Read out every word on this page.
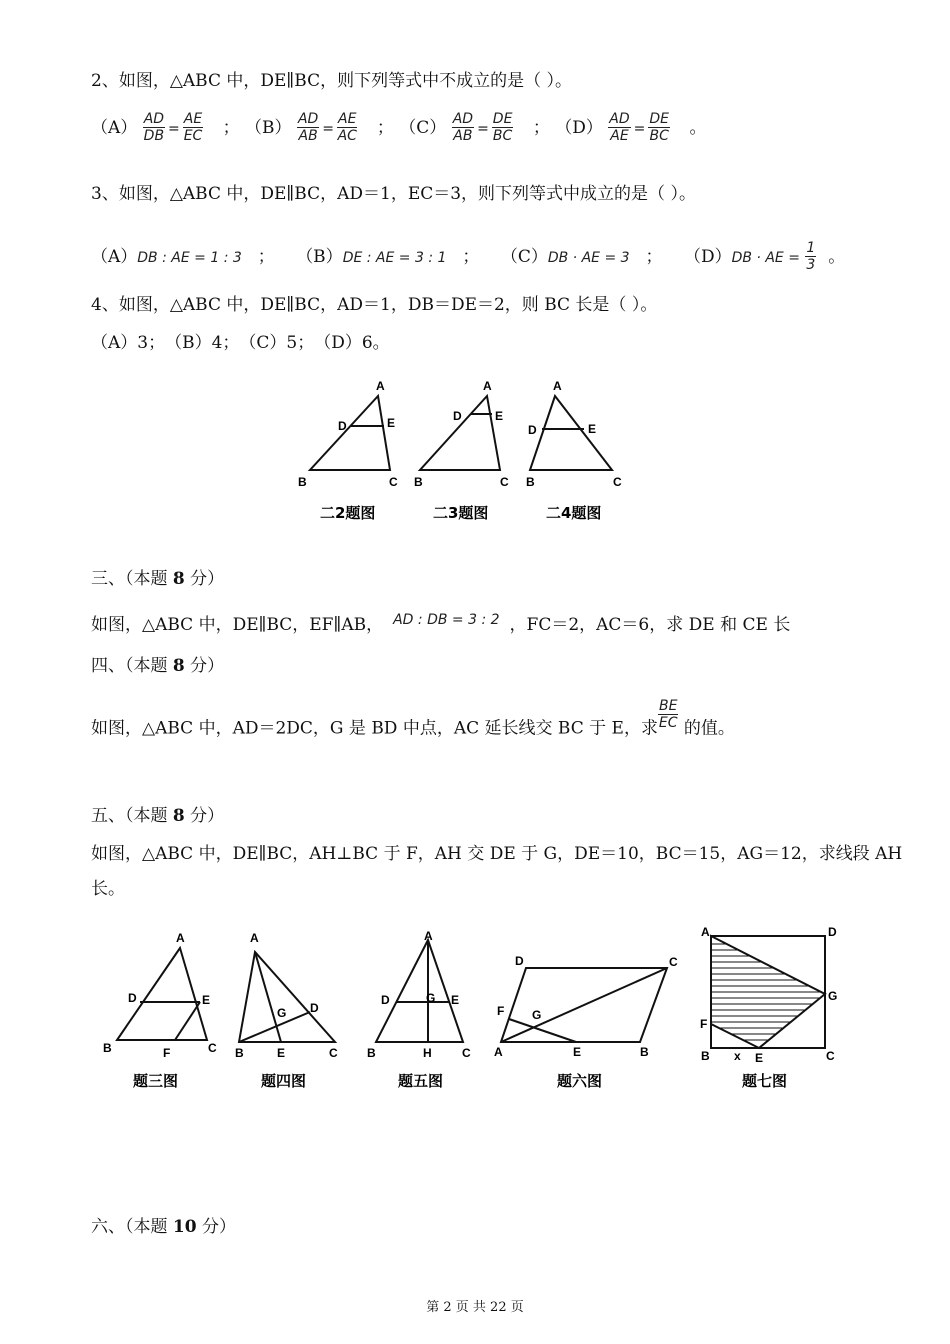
2、如图，△ABC 中，DE∥BC，则下列等式中不成立的是（ ）。
$(A) \frac{AD}{DB} = \frac{AE}{EC}$ ； $(B) \frac{AD}{AB} = \frac{AE}{AC}$ ； $(C) \frac{AD}{AB} = \frac{DE}{BC}$ ； $(D) \frac{AD}{AE} = \frac{DE}{BC}$ 。
3、如图，△ABC 中，DE∥BC，AD＝1，EC＝3，则下列等式中成立的是（ ）。
（A）DB : AE = 1 : 3 ； （B）DE : AE = 3 : 1 ； （C）DB · AE = 3 ； （D）DB · AE = $\frac{1}{3}$ 。
4、如图，△ABC 中，DE∥BC，AD＝1，DB＝DE＝2，则 BC 长是（ ）。
（A）3；　（B）4；　（C）5；　（D）6。
A
D	E
B	C
A
D	E
B	C
A
D	E
B	C
二2题图	二3题图	二4题图
三、（本题 8 分）
如图，△ABC 中，DE∥BC，EF∥AB， $^{AD : DB = 3 : 2}$ ，FC＝2，AC＝6，求 DE 和 CE 长
四、（本题 8 分）
如图，△ABC 中，AD＝2DC，G 是 BD 中点，AC 延长线交 BC 于 E，求 $\frac{BE}{EC}$ 的值。
五、（本题 8 分）
如图，△ABC 中，DE∥BC，AH⊥BC 于 F，AH 交 DE 于 G，DE＝10，BC＝15，AG＝12，求线段 AH
长。
A
D	E
B	F	C
A
G D
B	E	C
A
D	G E
B	H	C
D	C
F G
A	E	B
A	D
G
F
B x E	C
题三图	题四图	题五图	题六图	题七图
六、（本题 10 分）
第 2 页 共 22 页
